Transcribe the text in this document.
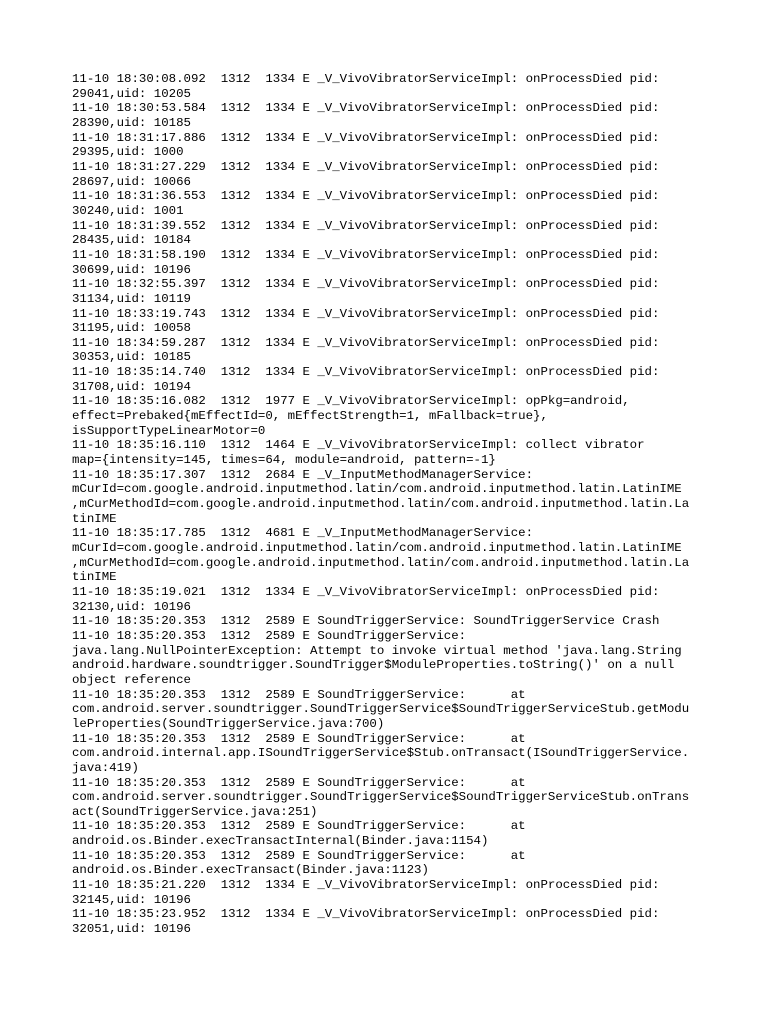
11-10 18:30:08.092  1312  1334 E _V_VivoVibratorServiceImpl: onProcessDied pid:
29041,uid: 10205
11-10 18:30:53.584  1312  1334 E _V_VivoVibratorServiceImpl: onProcessDied pid:
28390,uid: 10185
11-10 18:31:17.886  1312  1334 E _V_VivoVibratorServiceImpl: onProcessDied pid:
29395,uid: 1000
11-10 18:31:27.229  1312  1334 E _V_VivoVibratorServiceImpl: onProcessDied pid:
28697,uid: 10066
11-10 18:31:36.553  1312  1334 E _V_VivoVibratorServiceImpl: onProcessDied pid:
30240,uid: 1001
11-10 18:31:39.552  1312  1334 E _V_VivoVibratorServiceImpl: onProcessDied pid:
28435,uid: 10184
11-10 18:31:58.190  1312  1334 E _V_VivoVibratorServiceImpl: onProcessDied pid:
30699,uid: 10196
11-10 18:32:55.397  1312  1334 E _V_VivoVibratorServiceImpl: onProcessDied pid:
31134,uid: 10119
11-10 18:33:19.743  1312  1334 E _V_VivoVibratorServiceImpl: onProcessDied pid:
31195,uid: 10058
11-10 18:34:59.287  1312  1334 E _V_VivoVibratorServiceImpl: onProcessDied pid:
30353,uid: 10185
11-10 18:35:14.740  1312  1334 E _V_VivoVibratorServiceImpl: onProcessDied pid:
31708,uid: 10194
11-10 18:35:16.082  1312  1977 E _V_VivoVibratorServiceImpl: opPkg=android,
effect=Prebaked{mEffectId=0, mEffectStrength=1, mFallback=true},
isSupportTypeLinearMotor=0
11-10 18:35:16.110  1312  1464 E _V_VivoVibratorServiceImpl: collect vibrator
map={intensity=145, times=64, module=android, pattern=-1}
11-10 18:35:17.307  1312  2684 E _V_InputMethodManagerService:
mCurId=com.google.android.inputmethod.latin/com.android.inputmethod.latin.LatinIME
,mCurMethodId=com.google.android.inputmethod.latin/com.android.inputmethod.latin.La
tinIME
11-10 18:35:17.785  1312  4681 E _V_InputMethodManagerService:
mCurId=com.google.android.inputmethod.latin/com.android.inputmethod.latin.LatinIME
,mCurMethodId=com.google.android.inputmethod.latin/com.android.inputmethod.latin.La
tinIME
11-10 18:35:19.021  1312  1334 E _V_VivoVibratorServiceImpl: onProcessDied pid:
32130,uid: 10196
11-10 18:35:20.353  1312  2589 E SoundTriggerService: SoundTriggerService Crash
11-10 18:35:20.353  1312  2589 E SoundTriggerService:
java.lang.NullPointerException: Attempt to invoke virtual method 'java.lang.String
android.hardware.soundtrigger.SoundTrigger$ModuleProperties.toString()' on a null
object reference
11-10 18:35:20.353  1312  2589 E SoundTriggerService:      at
com.android.server.soundtrigger.SoundTriggerService$SoundTriggerServiceStub.getModu
leProperties(SoundTriggerService.java:700)
11-10 18:35:20.353  1312  2589 E SoundTriggerService:      at
com.android.internal.app.ISoundTriggerService$Stub.onTransact(ISoundTriggerService.
java:419)
11-10 18:35:20.353  1312  2589 E SoundTriggerService:      at
com.android.server.soundtrigger.SoundTriggerService$SoundTriggerServiceStub.onTrans
act(SoundTriggerService.java:251)
11-10 18:35:20.353  1312  2589 E SoundTriggerService:      at
android.os.Binder.execTransactInternal(Binder.java:1154)
11-10 18:35:20.353  1312  2589 E SoundTriggerService:      at
android.os.Binder.execTransact(Binder.java:1123)
11-10 18:35:21.220  1312  1334 E _V_VivoVibratorServiceImpl: onProcessDied pid:
32145,uid: 10196
11-10 18:35:23.952  1312  1334 E _V_VivoVibratorServiceImpl: onProcessDied pid:
32051,uid: 10196
